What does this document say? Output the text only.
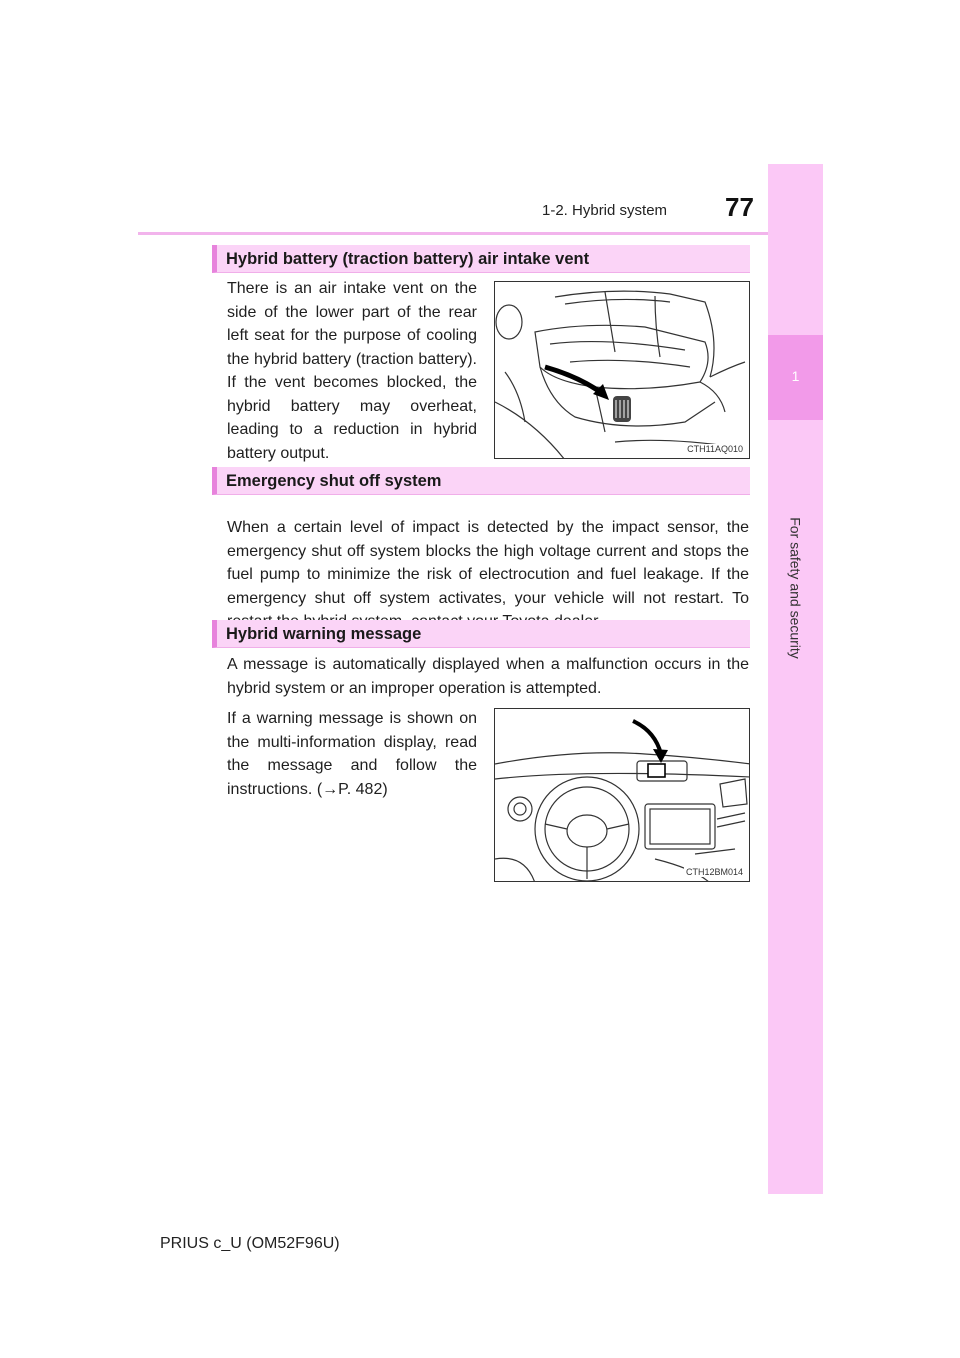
1-2. Hybrid system 77
1
For safety and security
Hybrid battery (traction battery) air intake vent
There is an air intake vent on the side of the lower part of the rear left seat for the purpose of cooling the hybrid battery (traction battery). If the vent becomes blocked, the hybrid battery may overheat, leading to a reduction in hybrid battery output.	CTH11AQ010
Emergency shut off system
When a certain level of impact is detected by the impact sensor, the emergency shut off system blocks the high voltage current and stops the fuel pump to minimize the risk of electrocution and fuel leakage. If the emergency shut off system activates, your vehicle will not restart. To
Hybrid warning message
A message is automatically displayed when a malfunction occurs in the hybrid system or an improper operation is attempted.
If a warning message is shown on the multi-information display, read the message and follow the instructions. (→P. 482)
CTH12BM014
PRIUS c_U (OM52F96U)
